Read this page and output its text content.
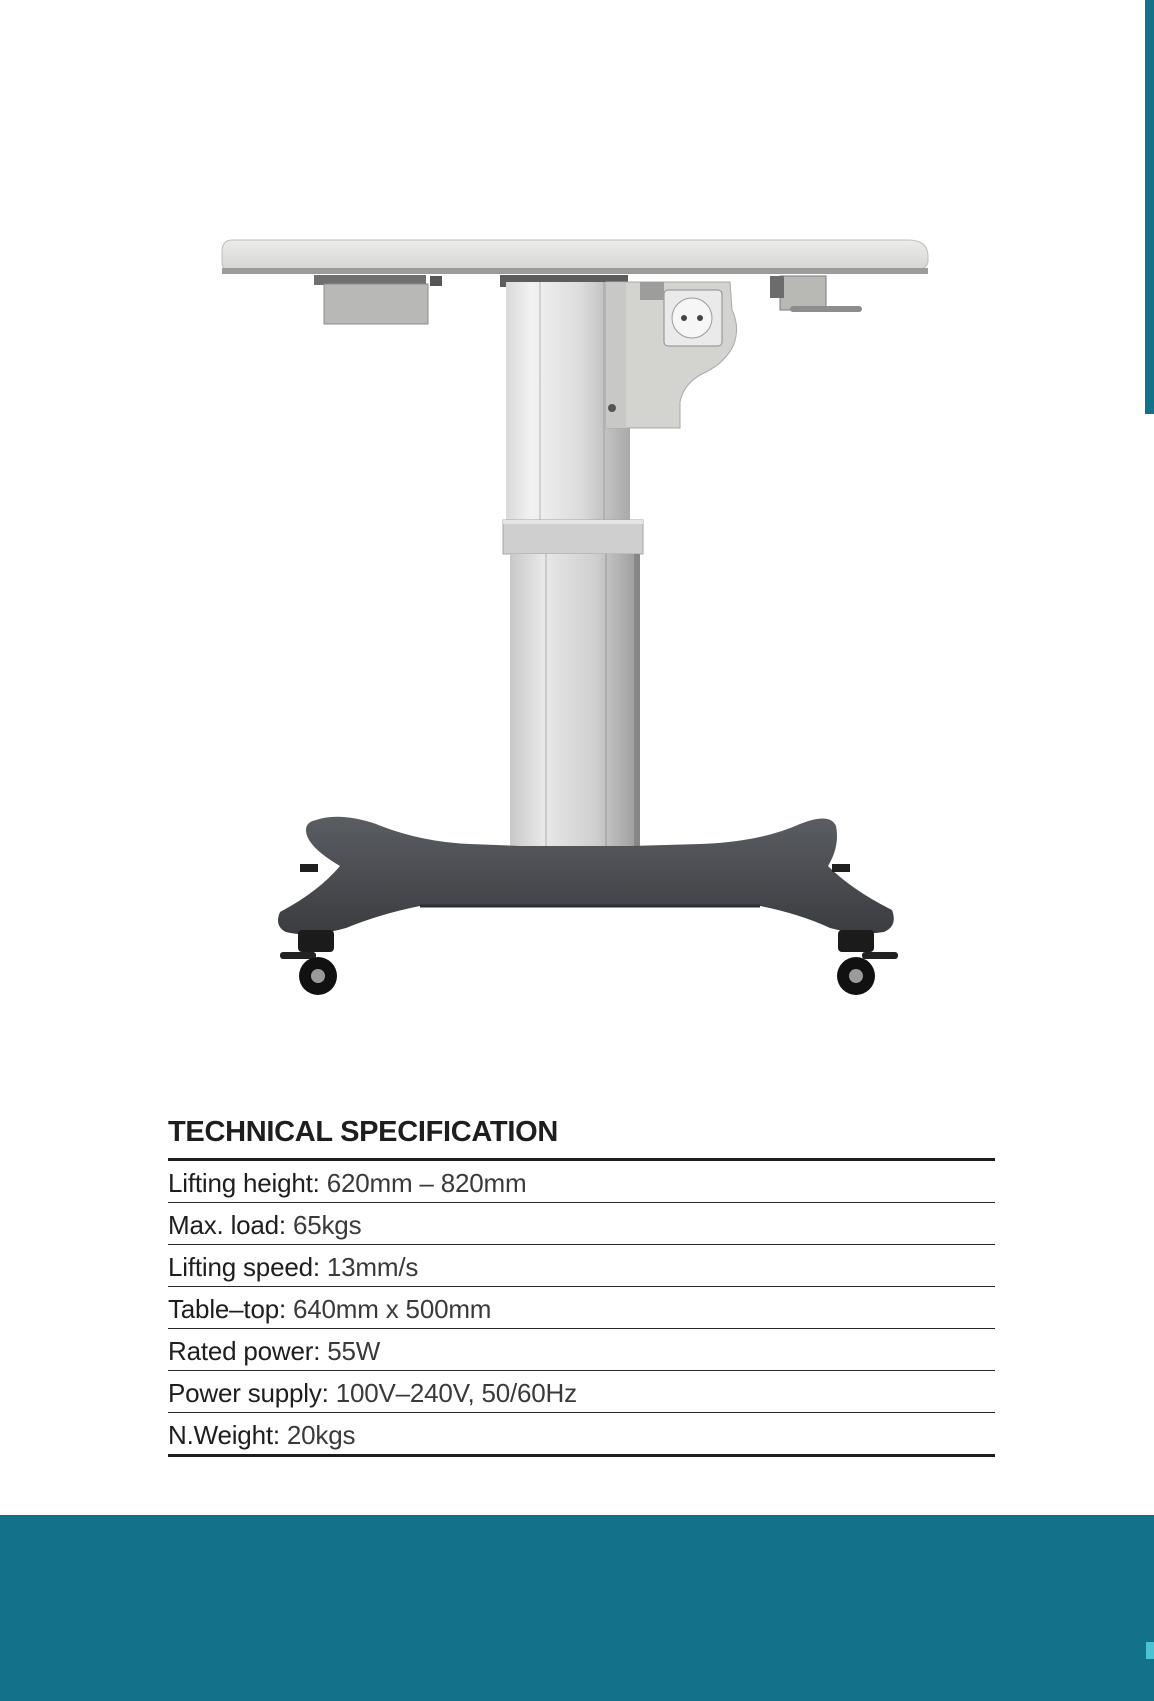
TECHNICAL SPECIFICATION
Lifting height: 620mm – 820mm
Max. load: 65kgs
Lifting speed: 13mm/s
Table–top: 640mm x 500mm
Rated power: 55W
Power supply: 100V–240V, 50/60Hz
N.Weight: 20kgs
